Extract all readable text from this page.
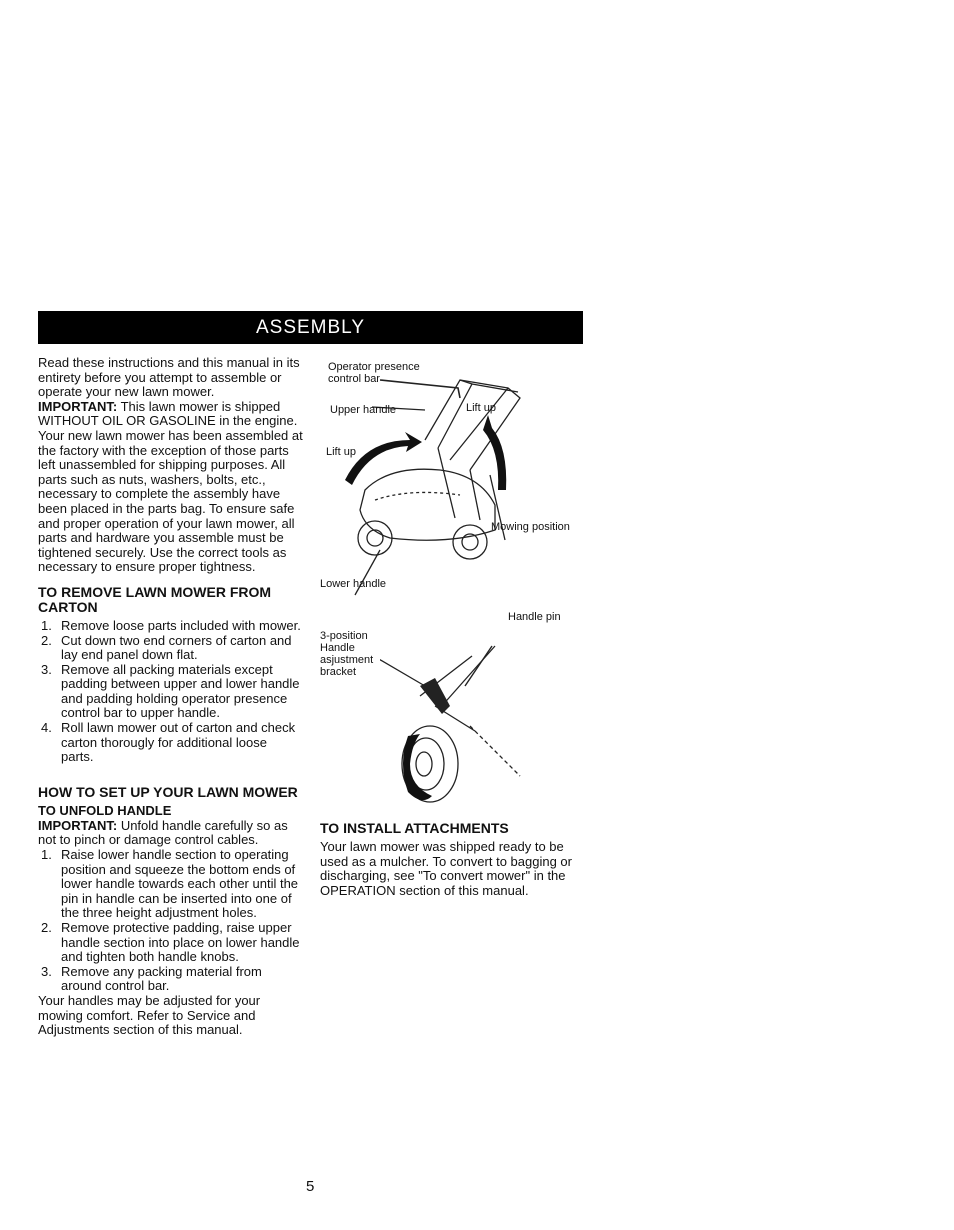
ASSEMBLY

Read these instructions and this manual in its entirety before you attempt to assemble or operate your new lawn mower.

IMPORTANT: This lawn mower is shipped WITHOUT OIL OR GASOLINE in the engine.

Your new lawn mower has been assembled at the factory with the exception of those parts left unassembled for shipping purposes. All parts such as nuts, washers, bolts, etc., necessary to complete the assembly have been placed in the parts bag. To ensure safe and proper operation of your lawn mower, all parts and hardware you assemble must be tightened securely. Use the correct tools as necessary to ensure proper tightness.

TO REMOVE LAWN MOWER FROM CARTON
1. Remove loose parts included with mower.
2. Cut down two end corners of carton and lay end panel down flat.
3. Remove all packing materials except padding between upper and lower handle and padding holding operator presence control bar to upper handle.
4. Roll lawn mower out of carton and check carton thorougly for additional loose parts.
HOW TO SET UP YOUR LAWN MOWER
TO UNFOLD HANDLE

IMPORTANT: Unfold handle carefully so as not to pinch or damage control cables.

1. Raise lower handle section to operating position and squeeze the bottom ends of lower handle towards each other until the pin in handle can be inserted into one of the three height adjustment holes.
2. Remove protective padding, raise upper handle section into place on lower handle and tighten both handle knobs.
3. Remove any packing material from around control bar.

Your handles may be adjusted for your mowing comfort. Refer to Service and Adjustments section of this manual.

Operator presence control bar
Upper handle	Lift up
Lift up
Mowing position
Lower handle
Handle pin
3-position Handle asjustment bracket
TO INSTALL ATTACHMENTS

Your lawn mower was shipped ready to be used as a mulcher. To convert to bagging or discharging, see "To convert mower" in the OPERATION section of this manual.

5
